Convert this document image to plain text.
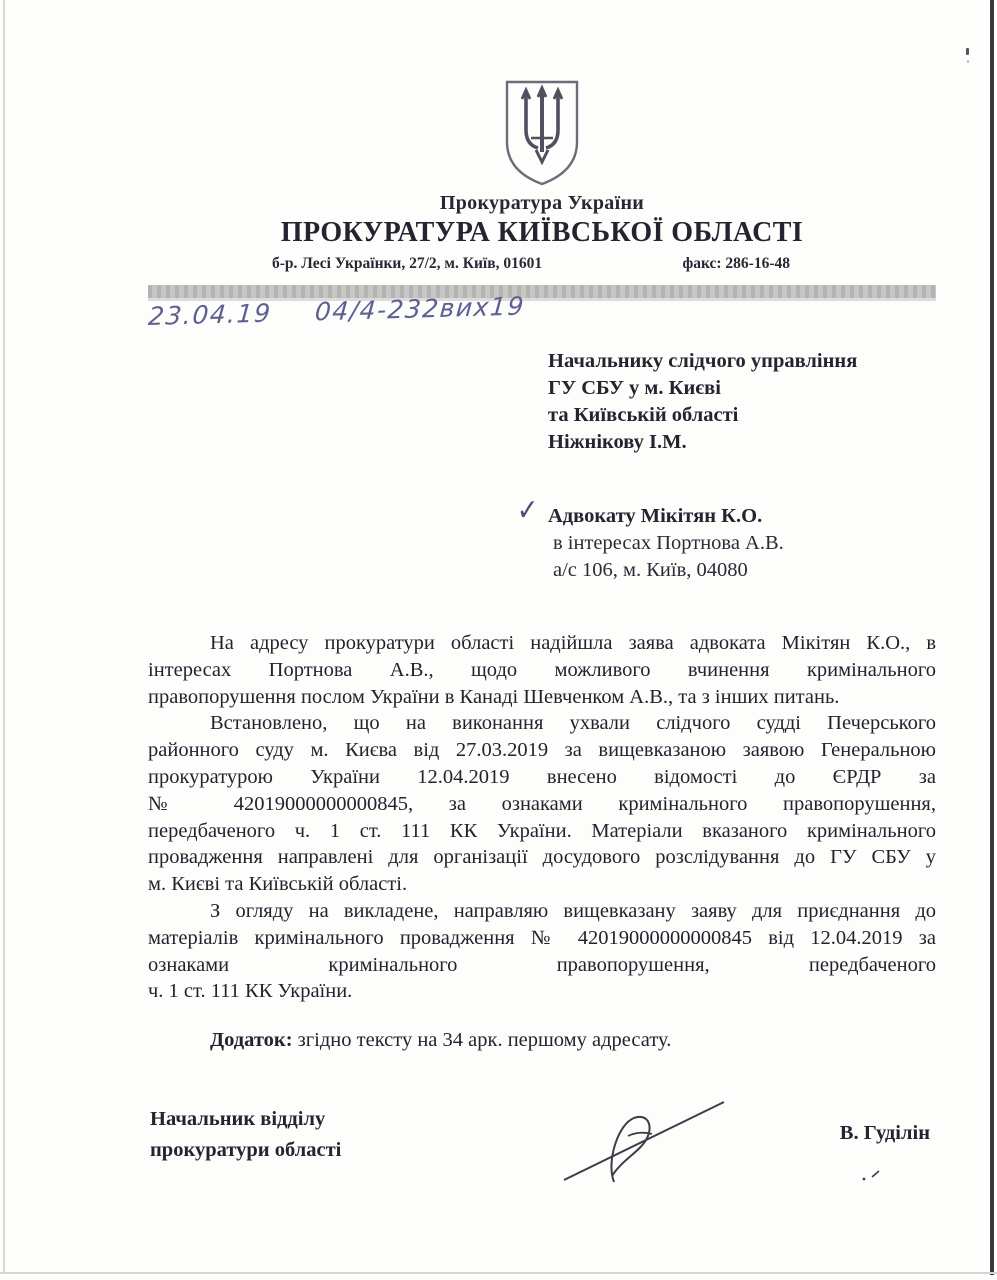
Прокуратура України
ПРОКУРАТУРА КИЇВСЬКОЇ ОБЛАСТІ
б-р. Лесі Українки, 27/2, м. Київ, 01601	факс: 286-16-48
23.04.19 04/4-232вих19
Начальнику слідчого управління
ГУ СБУ у м. Києві
та Київській області
Ніжнікову І.М.
✓ Адвокату Мікітян К.О.
в інтересах Портнова А.В.
а/с 106, м. Київ, 04080
На адресу прокуратури області надійшла заява адвоката Мікітян К.О., в
інтересах Портнова А.В., щодо можливого вчинення кримінального
правопорушення послом України в Канаді Шевченком А.В., та з інших питань.
Встановлено, що на виконання ухвали слідчого судді Печерського
районного суду м. Києва від 27.03.2019 за вищевказаною заявою Генеральною
прокуратурою України 12.04.2019 внесено відомості до ЄРДР за
№ 42019000000000845, за ознаками кримінального правопорушення,
передбаченого ч. 1 ст. 111 КК України. Матеріали вказаного кримінального
провадження направлені для організації досудового розслідування до ГУ СБУ у
м. Києві та Київській області.
З огляду на викладене, направляю вищевказану заяву для приєднання до
матеріалів кримінального провадження № 42019000000000845 від 12.04.2019 за
ознаками кримінального правопорушення, передбаченого
ч. 1 ст. 111 КК України.
Додаток: згідно тексту на 34 арк. першому адресату.
Начальник відділу
прокуратури області
В. Гуділін
